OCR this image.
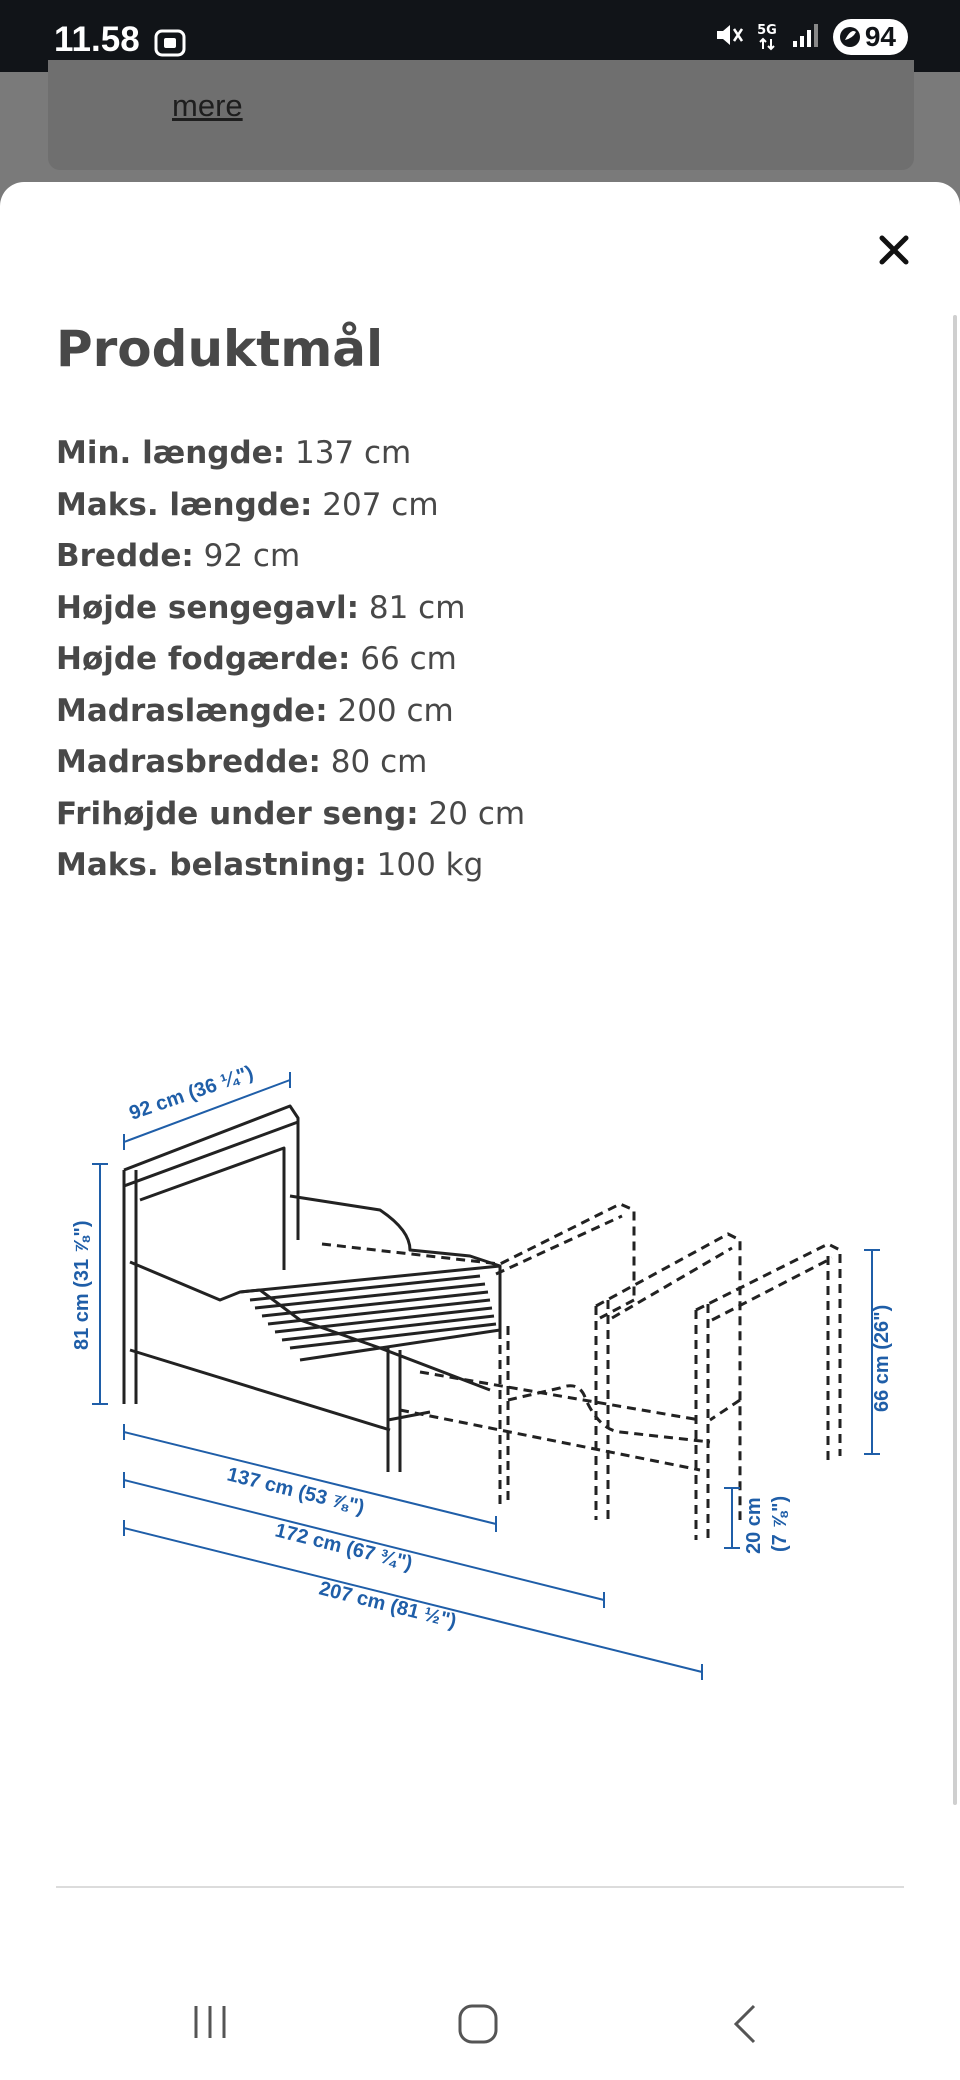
11.58	5G	94
mere
Produktmål
Min. længde: 137 cm
Maks. længde: 207 cm
Bredde: 92 cm
Højde sengegavl: 81 cm
Højde fodgærde: 66 cm
Madraslængde: 200 cm
Madrasbredde: 80 cm
Frihøjde under seng: 20 cm
Maks. belastning: 100 kg
92 cm (36 ¼")
81 cm (31 ⅞")
66 cm (26")
20 cm (7 ⅞")
137 cm (53 ⅞")
172 cm (67 ¾")
207 cm (81 ½")
